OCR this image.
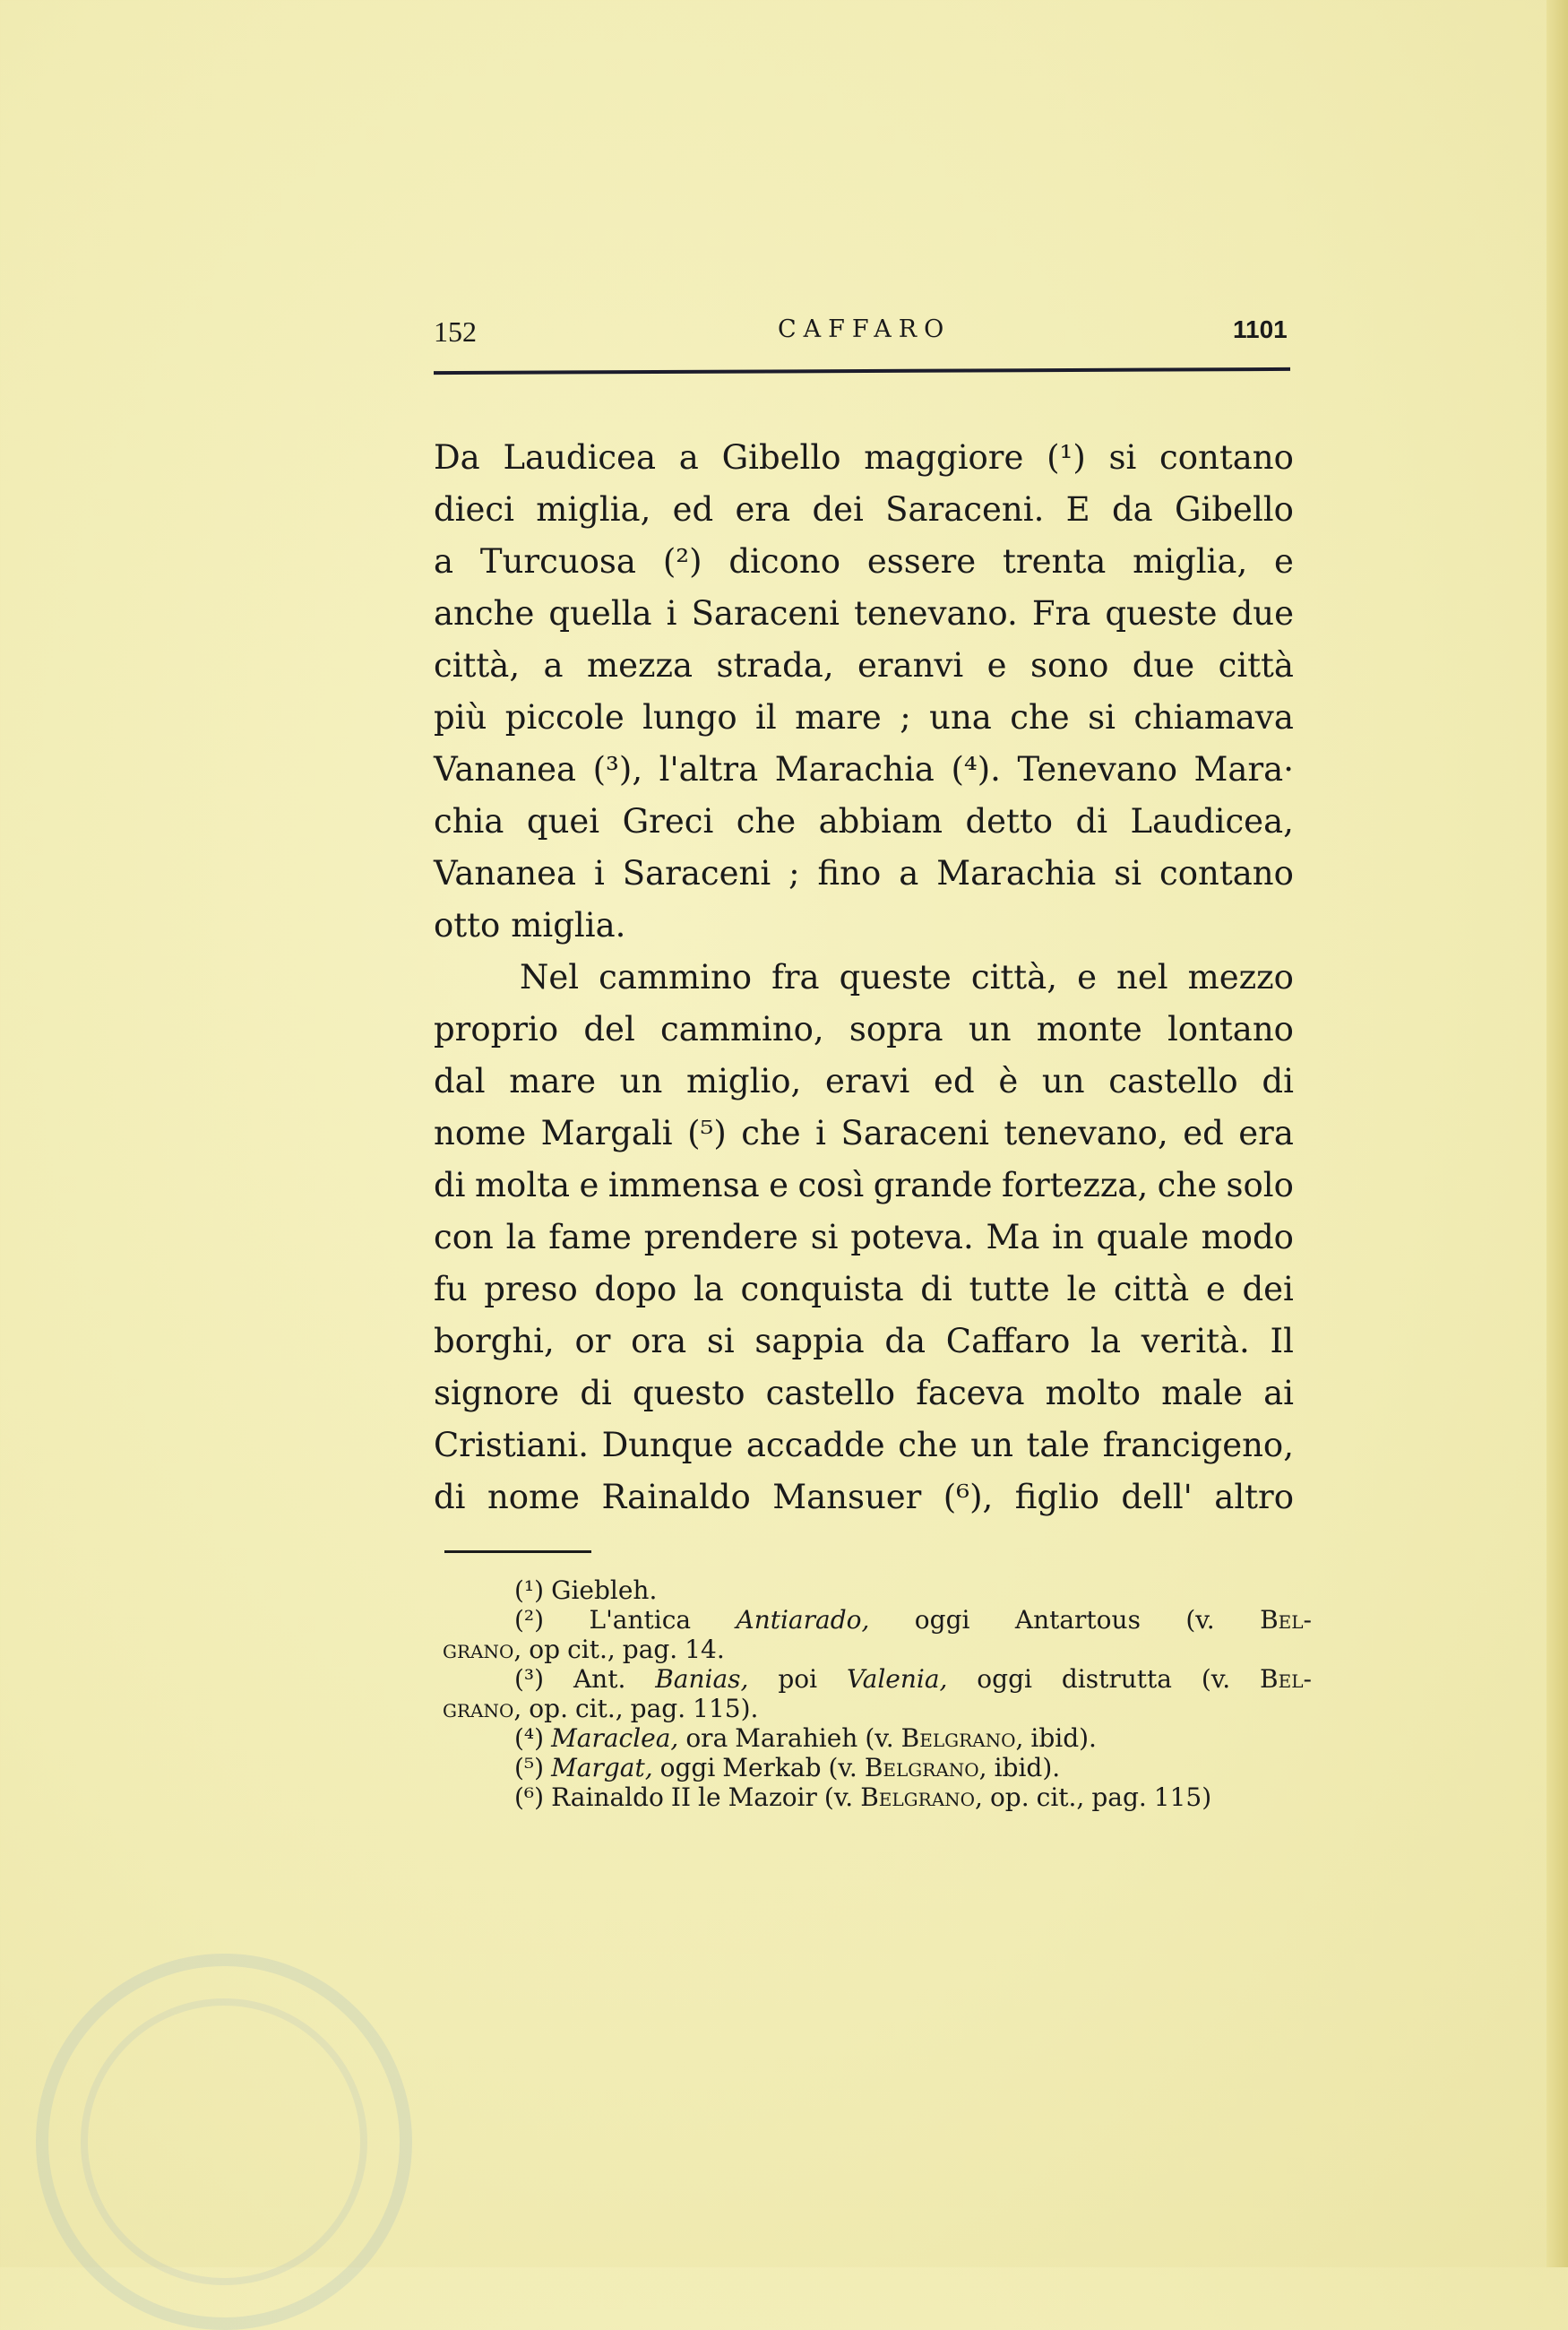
152	CAFFARO	1101
Da Laudicea a Gibello maggiore (¹) si contano
dieci miglia, ed era dei Saraceni. E da Gibello
a Turcuosa (²) dicono essere trenta miglia, e
anche quella i Saraceni tenevano. Fra queste due
città, a mezza strada, eranvi e sono due città
più piccole lungo il mare ; una che si chiamava
Vananea (³), l'altra Marachia (⁴). Tenevano Mara·
chia quei Greci che abbiam detto di Laudicea,
Vananea i Saraceni ; fino a Marachia si contano
otto miglia.
Nel cammino fra queste città, e nel mezzo
proprio del cammino, sopra un monte lontano
dal mare un miglio, eravi ed è un castello di
nome Margali (⁵) che i Saraceni tenevano, ed era
di molta e immensa e così grande fortezza, che solo
con la fame prendere si poteva. Ma in quale modo
fu preso dopo la conquista di tutte le città e dei
borghi, or ora si sappia da Caffaro la verità. Il
signore di questo castello faceva molto male ai
Cristiani. Dunque accadde che un tale francigeno,
di nome Rainaldo Mansuer (⁶), figlio dell' altro
(¹) Giebleh.
(²) L'antica Antiarado, oggi Antartous (v. Bel-
grano, op cit., pag. 14.
(³) Ant. Banias, poi Valenia, oggi distrutta (v. Bel-
grano, op. cit., pag. 115).
(⁴) Maraclea, ora Marahieh (v. Belgrano, ibid).
(⁵) Margat, oggi Merkab (v. Belgrano, ibid).
(⁶) Rainaldo II le Mazoir (v. Belgrano, op. cit., pag. 115)
